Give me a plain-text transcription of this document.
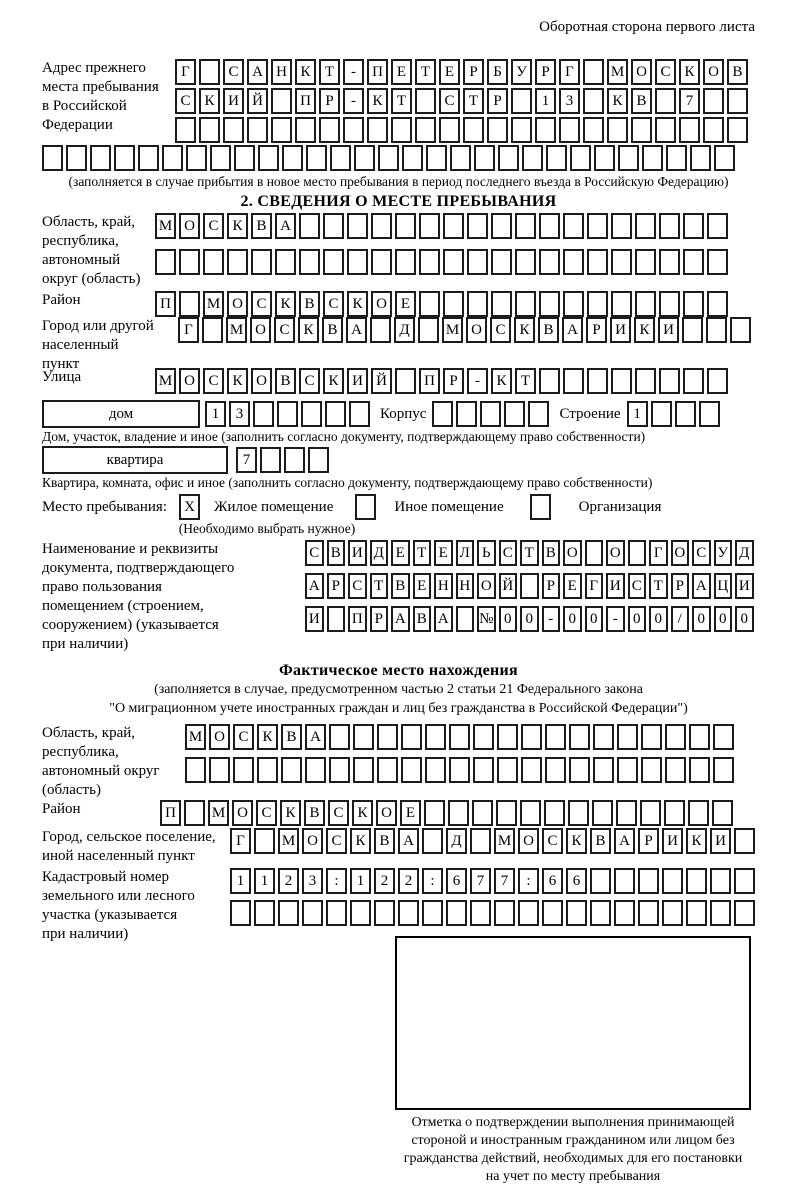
Оборотная сторона первого листа
Адрес прежнего
места пребывания
в Российской
Федерации
Г	С А Н К Т	-	П Е Т Е	Р	Б У Р	Г	М О С К О В
С К И Й	П Р	-	К Т	С Т	Р	1	3	К В	7
(заполняется в случае прибытия в новое место пребывания в период последнего въезда в Российскую Федерацию)
2. СВЕДЕНИЯ О МЕСТЕ ПРЕБЫВАНИЯ
Область, край,
республика,
автономный
округ (область)
М О С К В А
Район	П	М О С К В С К О Е
Город или другой
населенный пункт
Г	М О С К В А	Д	М О С К В А Р И К И
Улица	М О С К О В С К И Й	П Р	-	К Т
дом	1	3	Корпус	Строение 1
Дом, участок, владение и иное (заполнить согласно документу, подтверждающему право собственности)
квартира	7
Квартира, комната, офис и иное (заполнить согласно документу, подтверждающему право собственности)
Место пребывания:	X	Жилое помещение	Иное помещение	Организация
(Необходимо выбрать нужное)
Наименование и реквизиты
документа, подтверждающего
право пользования
помещением (строением,
сооружением) (указывается
при наличии)
С В И Д Е Т Е Л Ь С Т В О О	Г О С У Д
А Р С Т В Е Н Н О Й	Р Е Г И С Т Р А Ц И
И П Р А В А № 0 0	-	0 0	-	0 0	/	0 0 0
Фактическое место нахождения
(заполняется в случае, предусмотренном частью 2 статьи 21 Федерального закона
"О миграционном учете иностранных граждан и лиц без гражданства в Российской Федерации")
Область, край,
республика,
автономный округ
(область)
М О С К В А
Район	П	М О С К В С К О Е
Город, сельское поселение,
иной населенный пункт
Г	М О С К В А	Д	М О С К В А Р И К И
Кадастровый номер
земельного или лесного
участка (указывается
при наличии)
1	1	2	3	:	1	2	2	:	6	7	7	:	6	6
Отметка о подтверждении выполнения принимающей
стороной и иностранным гражданином или лицом без
гражданства действий, необходимых для его постановки
на учет по месту пребывания
